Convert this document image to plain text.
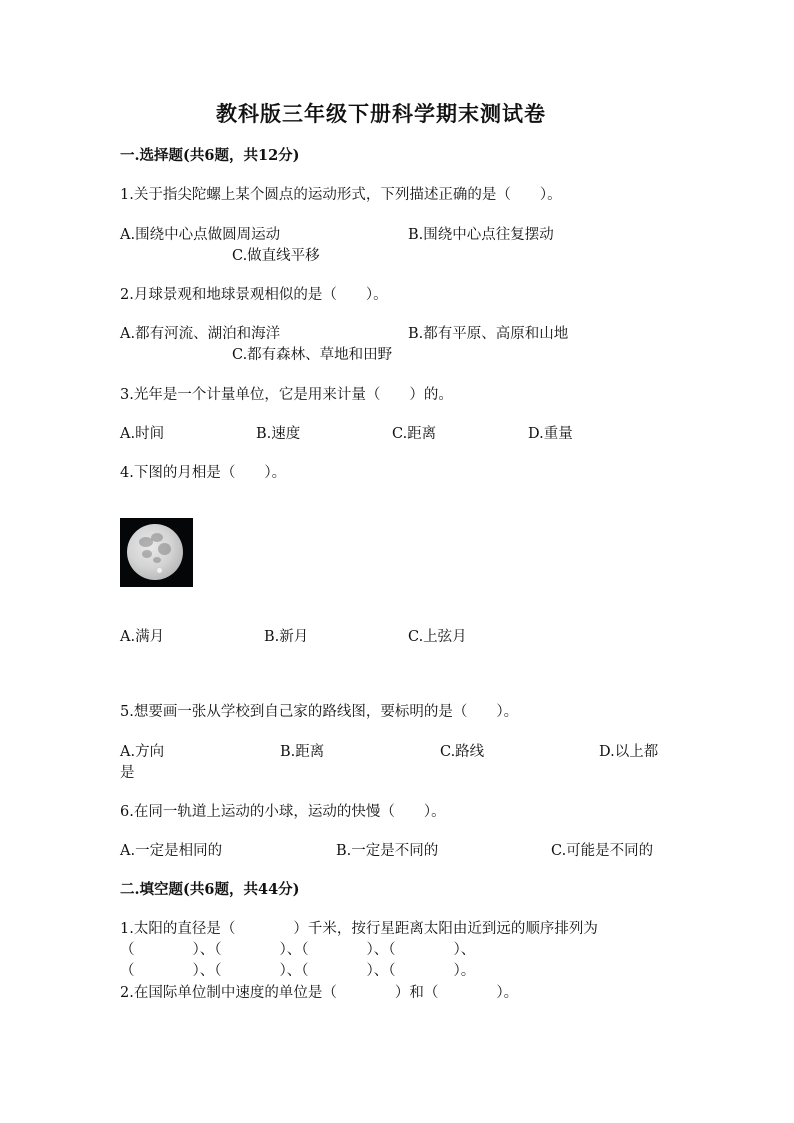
教科版三年级下册科学期末测试卷
一.选择题(共6题，共12分)
1.关于指尖陀螺上某个圆点的运动形式，下列描述正确的是（　　）。
A.围绕中心点做圆周运动	B.围绕中心点往复摆动
C.做直线平移
2.月球景观和地球景观相似的是（　　）。
A.都有河流、湖泊和海洋	B.都有平原、高原和山地
C.都有森林、草地和田野
3.光年是一个计量单位，它是用来计量（　　）的。
A.时间	B.速度	C.距离	D.重量
4.下图的月相是（　　）。
A.满月	B.新月	C.上弦月
5.想要画一张从学校到自己家的路线图，要标明的是（　　）。
A.方向	B.距离	C.路线	D.以上都
是
6.在同一轨道上运动的小球，运动的快慢（　　）。
A.一定是相同的	B.一定是不同的	C.可能是不同的
二.填空题(共6题，共44分)
1.太阳的直径是（　　　　）千米，按行星距离太阳由近到远的顺序排列为
（　　　　）、（　　　　）、（　　　　）、（　　　　）、
（　　　　）、（　　　　）、（　　　　）、（　　　　）。
2.在国际单位制中速度的单位是（　　　　）和（　　　　）。
